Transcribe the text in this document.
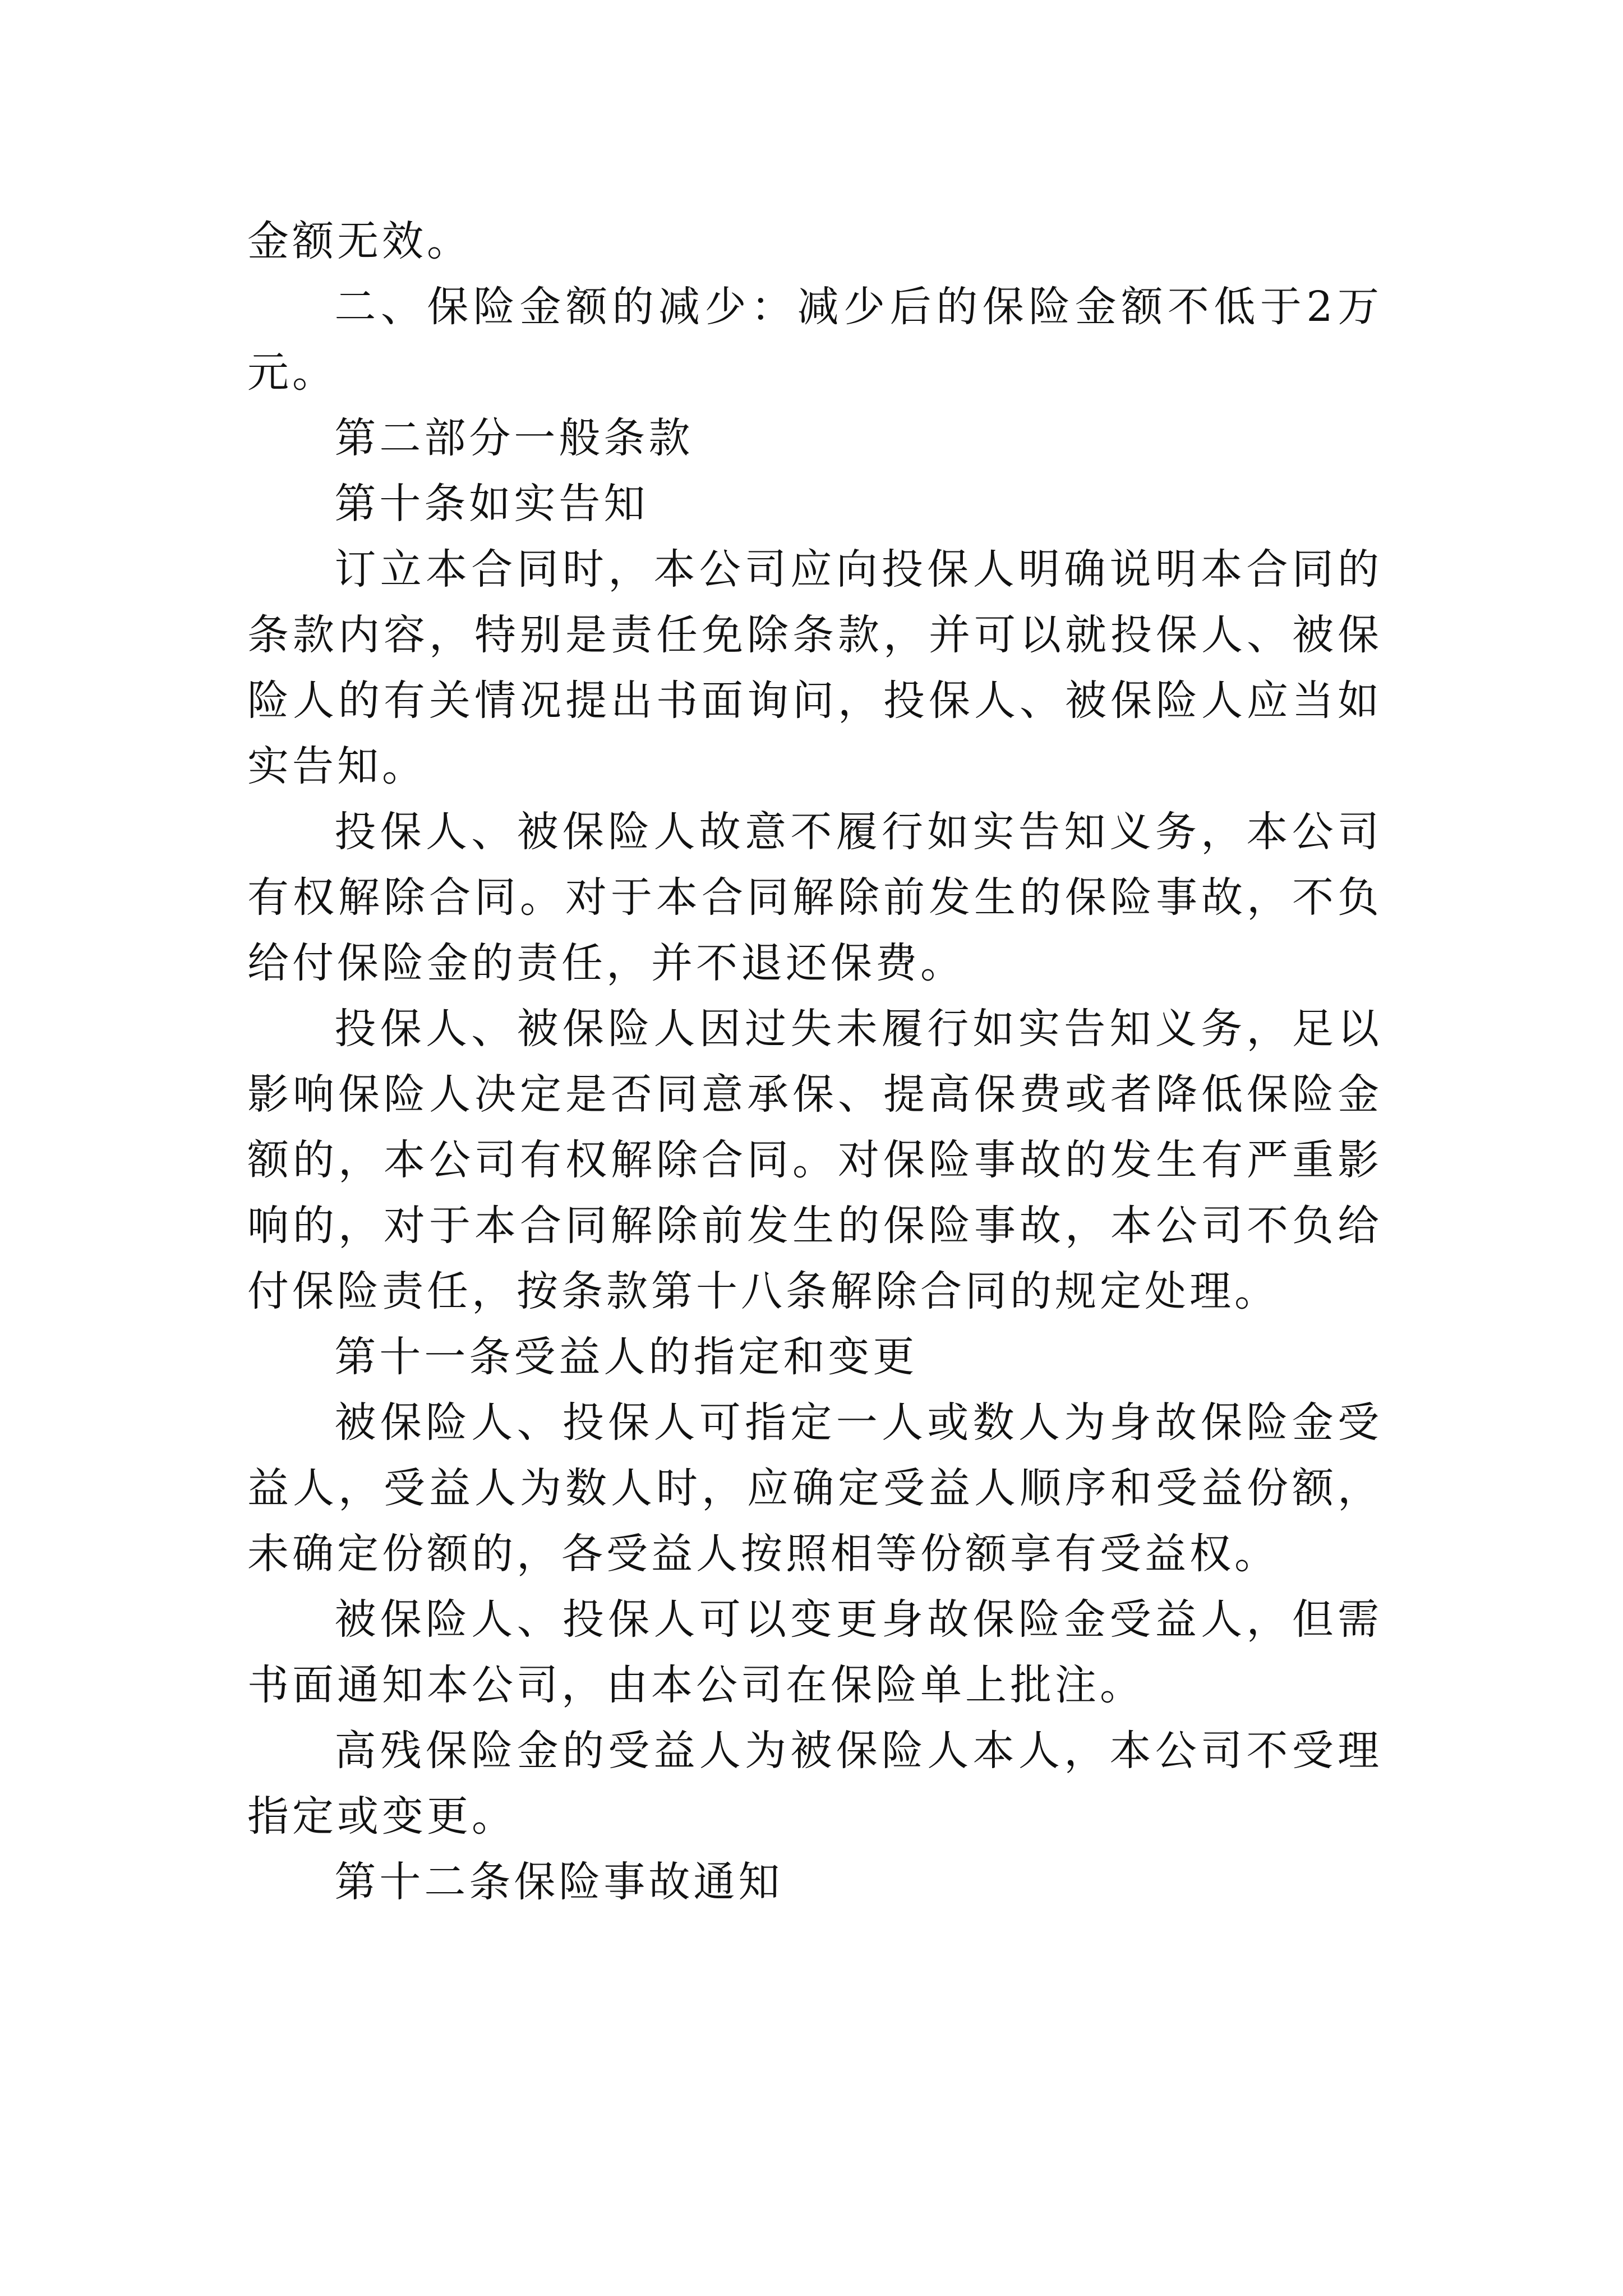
金额无效。

二、保险金额的减少：减少后的保险金额不低于2万元。

第二部分一般条款

第十条如实告知

订立本合同时，本公司应向投保人明确说明本合同的条款内容，特别是责任免除条款，并可以就投保人、被保险人的有关情况提出书面询问，投保人、被保险人应当如实告知。

投保人、被保险人故意不履行如实告知义务，本公司有权解除合同。对于本合同解除前发生的保险事故，不负给付保险金的责任，并不退还保费。

投保人、被保险人因过失未履行如实告知义务，足以影响保险人决定是否同意承保、提高保费或者降低保险金额的，本公司有权解除合同。对保险事故的发生有严重影响的，对于本合同解除前发生的保险事故，本公司不负给付保险责任，按条款第十八条解除合同的规定处理。

第十一条受益人的指定和变更

被保险人、投保人可指定一人或数人为身故保险金受益人，受益人为数人时，应确定受益人顺序和受益份额，未确定份额的，各受益人按照相等份额享有受益权。

被保险人、投保人可以变更身故保险金受益人，但需书面通知本公司，由本公司在保险单上批注。

高残保险金的受益人为被保险人本人，本公司不受理指定或变更。

第十二条保险事故通知
